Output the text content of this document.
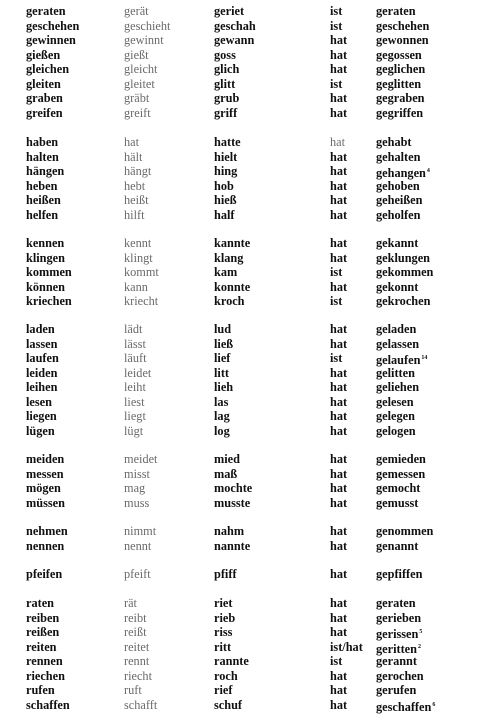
geraten	gerät	geriet	ist	geraten
geschehen	geschieht	geschah	ist	geschehen
gewinnen	gewinnt	gewann	hat gewonnen
gießen	gießt	goss	hat gegossen
gleichen	gleicht	glich	hat geglichen
gleiten	gleitet	glitt	ist	geglitten
graben	gräbt	grub	hat gegraben
greifen	greift	griff	hat gegriffen
haben	hat	hatte	hat	gehabt
halten	hält	hielt	hat gehalten
hängen	hängt	hing	hat gehangen$^4$
heben	hebt	hob	hat gehoben
heißen	heißt	hieß	hat geheißen
helfen	hilft	half	hat geholfen
kennen	kennt	kannte	hat gekannt
klingen	klingt	klang	hat geklungen
kommen	kommt	kam	ist	gekommen
können	kann	konnte	hat gekonnt
kriechen	kriecht	kroch	ist	gekrochen
laden	lädt	lud	hat geladen
lassen	lässt	ließ	hat gelassen
laufen	läuft	lief	ist	gelaufen$^{14}$
leiden	leidet	litt	hat gelitten
leihen	leiht	lieh	hat geliehen
lesen	liest	las	hat gelesen
liegen	liegt	lag	hat gelegen
lügen	lügt	log	hat gelogen
meiden	meidet	mied	hat gemieden
messen	misst	maß	hat gemessen
mögen	mag	mochte	hat gemocht
müssen	muss	musste	hat gemusst
nehmen	nimmt	nahm	hat genommen
nennen	nennt	nannte	hat genannt
pfeifen	pfeift	pfiff	hat gepfiffen
raten	rät	riet	hat geraten
reiben	reibt	rieb	hat gerieben
reißen	reißt	riss	hat gerissen$^5$
reiten	reitet	ritt	ist/hat geritten$^2$
rennen	rennt	rannte	ist	gerannt
riechen	riecht	roch	hat gerochen
rufen	ruft	rief	hat gerufen
schaffen	schafft	schuf	hat geschaffen$^6$
